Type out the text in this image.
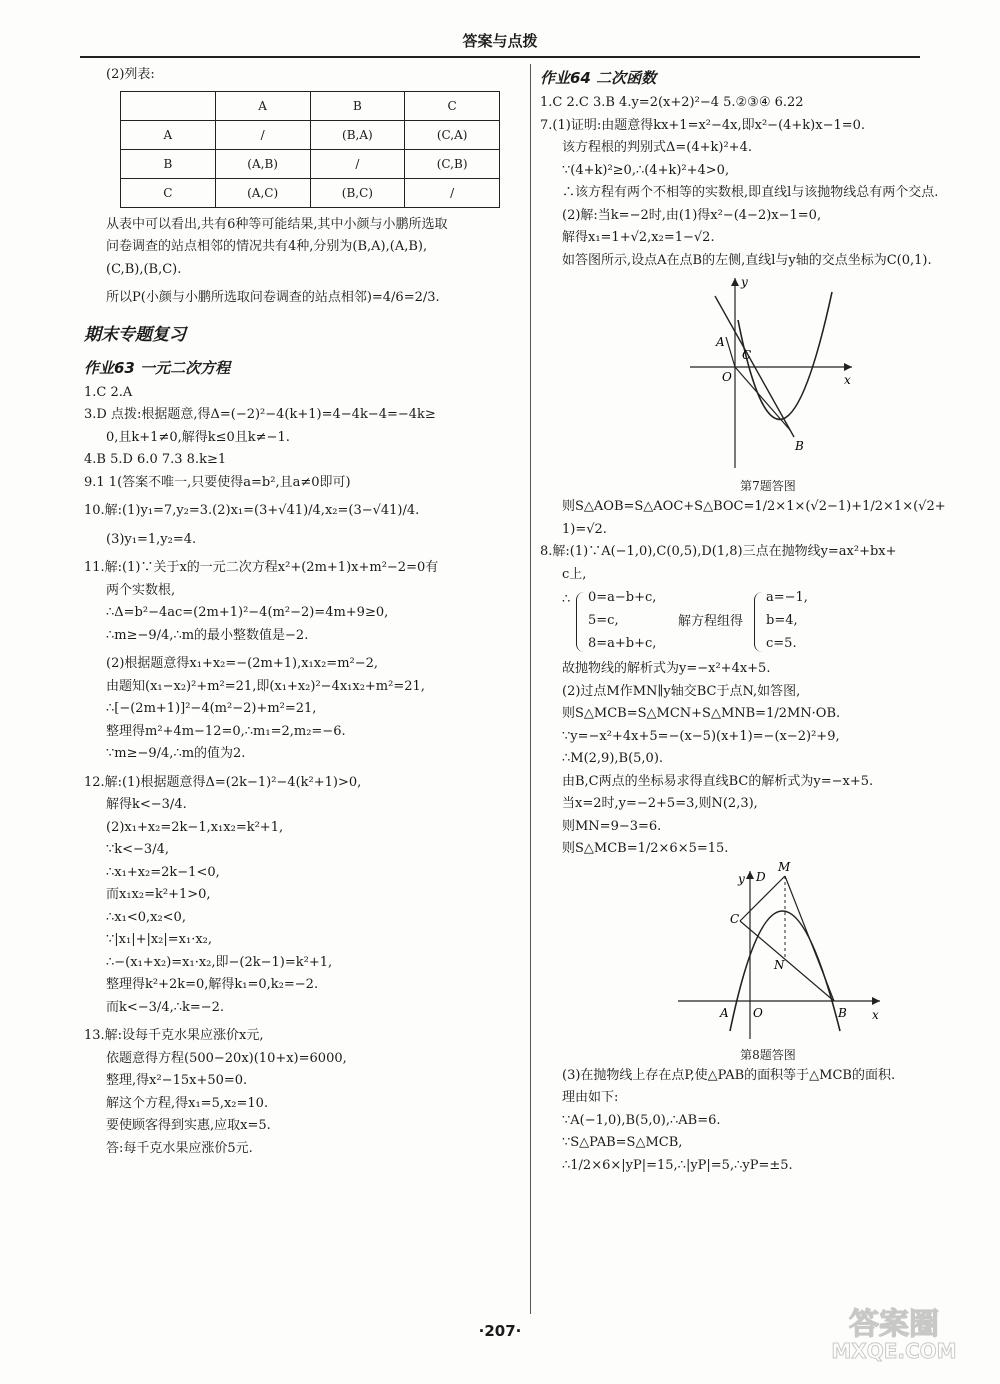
答案与点拨
(2)列表:
	A	B	C
A	/	(B,A)	(C,A)
B	(A,B)	/	(C,B)
C	(A,C)	(B,C)	/
从表中可以看出,共有6种等可能结果,其中小颜与小鹏所选取
问卷调查的站点相邻的情况共有4种,分别为(B,A),(A,B),
(C,B),(B,C).
所以P(小颜与小鹏所选取问卷调查的站点相邻)=4/6=2/3.
期末专题复习
作业63 一元二次方程
1.C 2.A
3.D 点拨:根据题意,得Δ=(−2)²−4(k+1)=4−4k−4=−4k≥
0,且k+1≠0,解得k≤0且k≠−1.
4.B 5.D 6.0 7.3 8.k≥1
9.1 1(答案不唯一,只要使得a=b²,且a≠0即可)
10.解:(1)y₁=7,y₂=3.(2)x₁=(3+√41)/4,x₂=(3−√41)/4.
(3)y₁=1,y₂=4.
11.解:(1)∵关于x的一元二次方程x²+(2m+1)x+m²−2=0有
两个实数根,
∴Δ=b²−4ac=(2m+1)²−4(m²−2)=4m+9≥0,
∴m≥−9/4,∴m的最小整数值是−2.
(2)根据题意得x₁+x₂=−(2m+1),x₁x₂=m²−2,
由题知(x₁−x₂)²+m²=21,即(x₁+x₂)²−4x₁x₂+m²=21,
∴[−(2m+1)]²−4(m²−2)+m²=21,
整理得m²+4m−12=0,∴m₁=2,m₂=−6.
∵m≥−9/4,∴m的值为2.
12.解:(1)根据题意得Δ=(2k−1)²−4(k²+1)>0,
解得k<−3/4.
(2)x₁+x₂=2k−1,x₁x₂=k²+1,
∵k<−3/4,
∴x₁+x₂=2k−1<0,
而x₁x₂=k²+1>0,
∴x₁<0,x₂<0,
∵|x₁|+|x₂|=x₁·x₂,
∴−(x₁+x₂)=x₁·x₂,即−(2k−1)=k²+1,
整理得k²+2k=0,解得k₁=0,k₂=−2.
而k<−3/4,∴k=−2.
13.解:设每千克水果应涨价x元,
依题意得方程(500−20x)(10+x)=6000,
整理,得x²−15x+50=0.
解这个方程,得x₁=5,x₂=10.
要使顾客得到实惠,应取x=5.
答:每千克水果应涨价5元.
作业64 二次函数
1.C 2.C 3.B 4.y=2(x+2)²−4 5.②③④ 6.22
7.(1)证明:由题意得kx+1=x²−4x,即x²−(4+k)x−1=0.
该方程根的判别式Δ=(4+k)²+4.
∵(4+k)²≥0,∴(4+k)²+4>0,
∴该方程有两个不相等的实数根,即直线l与该抛物线总有两个交点.
(2)解:当k=−2时,由(1)得x²−(4−2)x−1=0,
解得x₁=1+√2,x₂=1−√2.
如答图所示,设点A在点B的左侧,直线l与y轴的交点坐标为C(0,1).
y
x
A
C
O
B
第7题答图
则S△AOB=S△AOC+S△BOC=1/2×1×(√2−1)+1/2×1×(√2+
1)=√2.
8.解:(1)∵A(−1,0),C(0,5),D(1,8)三点在抛物线y=ax²+bx+
c上,
∴ 0=a−b+c,
5=c,
8=a+b+c,
解方程组得
a=−1,
b=4,
c=5.
故抛物线的解析式为y=−x²+4x+5.
(2)过点M作MN∥y轴交BC于点N,如答图,
则S△MCB=S△MCN+S△MNB=1/2MN·OB.
∵y=−x²+4x+5=−(x−5)(x+1)=−(x−2)²+9,
∴M(2,9),B(5,0).
由B,C两点的坐标易求得直线BC的解析式为y=−x+5.
当x=2时,y=−2+5=3,则N(2,3),
则MN=9−3=6.
则S△MCB=1/2×6×5=15.
y
x
D
M
C
N
A O	B
第8题答图
(3)在抛物线上存在点P,使△PAB的面积等于△MCB的面积.
理由如下:
∵A(−1,0),B(5,0),∴AB=6.
∵S△PAB=S△MCB,
∴1/2×6×|yP|=15,∴|yP|=5,∴yP=±5.
·207·	答案圈
MXQE.COM
